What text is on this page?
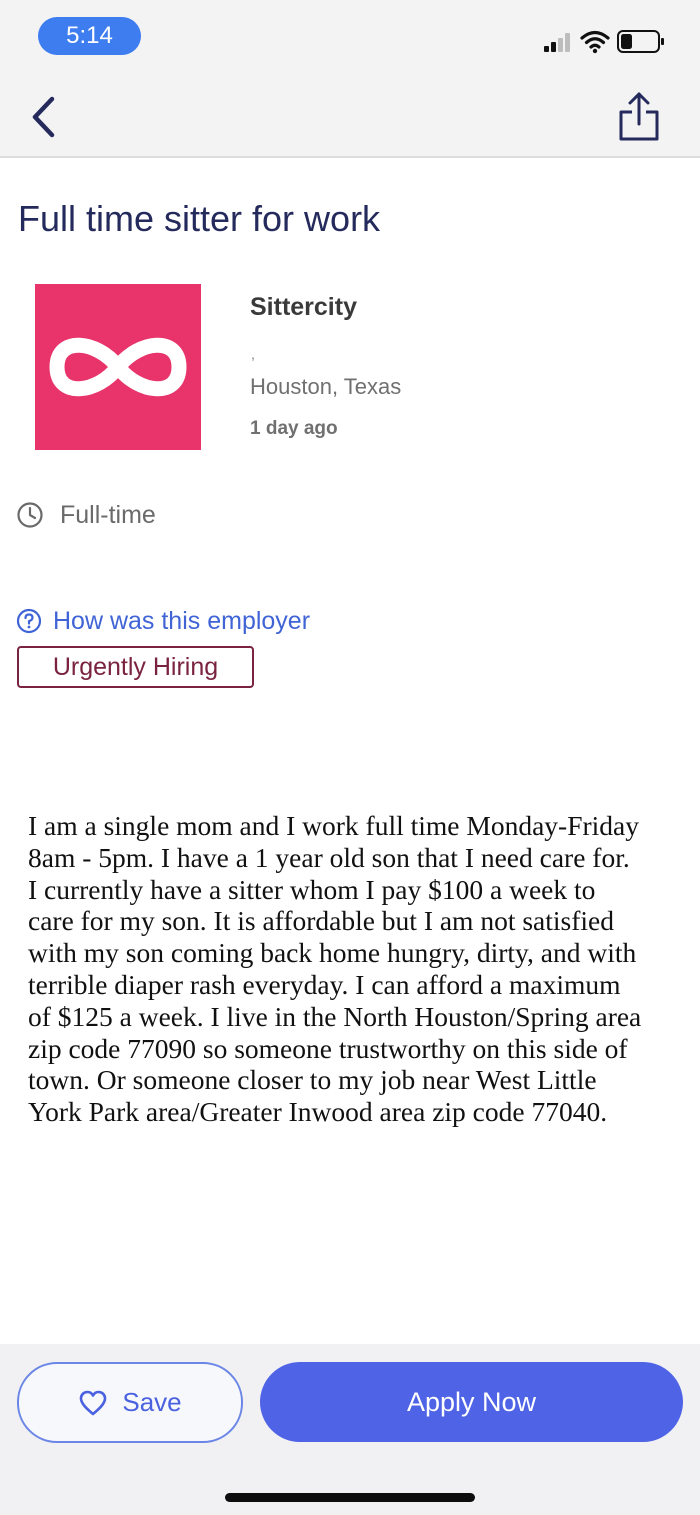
5:14
Full time sitter for work
Sittercity
,
Houston, Texas
1 day ago
Full-time
How was this employer
Urgently Hiring
I am a single mom and I work full time Monday-Friday
8am - 5pm. I have a 1 year old son that I need care for.
I currently have a sitter whom I pay $100 a week to
care for my son. It is affordable but I am not satisfied
with my son coming back home hungry, dirty, and with
terrible diaper rash everyday. I can afford a maximum
of $125 a week. I live in the North Houston/Spring area
zip code 77090 so someone trustworthy on this side of
town. Or someone closer to my job near West Little
York Park area/Greater Inwood area zip code 77040.
Save	Apply Now
